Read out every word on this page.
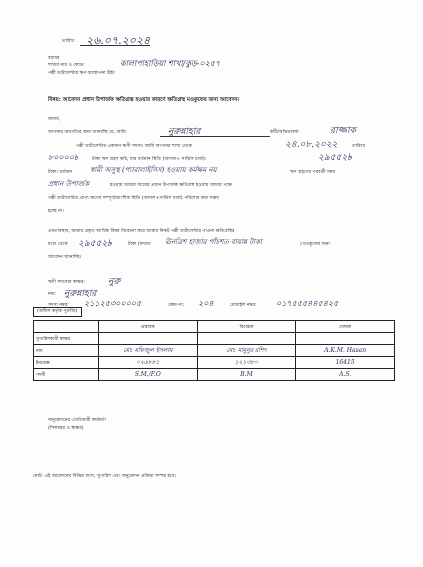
তারিখ: ২৬.০৭.২০২৪
বরাবর
শাখার নাম ও কোড:	কালাপাহাড়িয়া শাখা/কুড়-০২৫৭
পল্লী ডাটাসেন্টার ঋন ব্যবস্থাপনা উইং
বিষয়: আবেদন প্রধান উপার্জক ক্ষতিগ্রস্ত হওয়ার কারণে ক্ষতিগ্রস্থ মওকুফের জন্য আবেদন।
জনাব,
আপনার অবগতির জন্য জানাচ্ছি যে, আমি	নুরুন্নাহার	কর্মী/অভিভাবক:	রাজ্জাক
পল্লী ডাটাসেন্টার একজন ঋণী সদস্য। আমি আপনার শাখা থেকে	২৪.০৮.২০২২	তারিখে
৮০০০০৳	টাকা ঋণ গ্রহণ করি, যার বর্তমান স্থিতি (আসল+ সার্ভিস চার্জ):	২৯৫৫২৳
টাকা। বর্তমান	স্বামী অসুস্থ (প্যারালাইসিস) হওয়ায় কর্মক্ষম নয়	ঋণ গ্রহণের পরবর্তী সময়
প্রধান উপার্জক	হওয়ায় আমার আয়ের প্রধান উপার্জক ক্ষতিগ্রস্থ হওয়ায় আমার পক্ষে
পল্লী ডাটাসেন্টার প্রাপ্য ঋণের সম্পূর্ণ/আংশিক স্থিতি (আসল+সার্ভিস চার্জ) পরিশোধ করা সম্ভব
হচ্ছে না।
এমতাবস্থায়, আমার প্রকৃত আর্থিক বিষয় বিবেচনা করে আমার নিকট পল্লী ডাটাসেন্টার পাওনা ক্ষতিগ্রস্থির
মধ্যে থেকে ২৯৫৫২৳	টাকা (কথায়: ঊনত্রিশ হাজার পাঁচশত বায়ান্ন টাকা	) মওকুফের জন্য
আবেদন জানাচ্ছি।
ঋণী সদস্যের স্বাক্ষর:	নুরু
নাম: নুরুন্নাহার
সদস্য নম্বর: ২১১২৫৩০০০০৫	কেন্দ্র নং: ২০৪	মোবাইল নম্বর: ০১৭৫৫৫৪৪৫৪২৫
(অফিস কর্তৃক পূরণীয়)
	প্রস্তাবক	বিবেচক	ঘোষক
সুপারিশকারী স্বাক্ষর			
নাম	মো: মফিজুল ইসলাম	মো: মামুনুর রশিদ	A.K.M. Hasan
ইনডেক্স	০২৬৮৮১	১২১৩৮০	16415
পদবী	S.M./F.O	B.M	A.S.
অনুমোদনের এখতিয়ারী কর্মকর্তা
(সিলমহর ও স্বাক্ষর)
নোট- এই আবেদনের বিভিন্ন অংশ, সুপারিশ এবং অনুমোদন প্রক্রিয়া সম্পন্ন হবে।
